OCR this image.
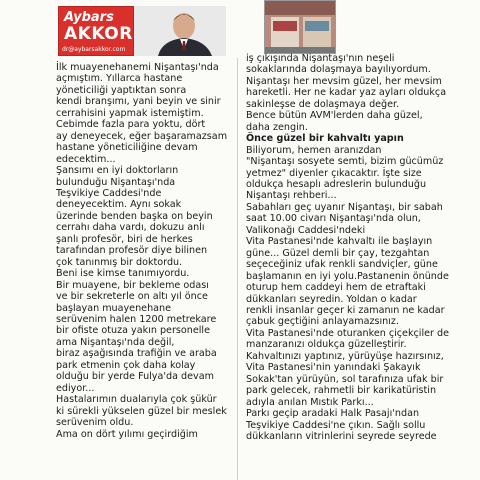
Aybars
AKKOR
dr@aybarsakkor.com

İlk muayenehanemi Nişantaşı'nda

açmıştım. Yıllarca hastane

yöneticiliği yaptıktan sonra

kendi branşımı, yani beyin ve sinir

cerrahisini yapmak istemiştim.

Cebimde fazla para yoktu, dört

ay deneyecek, eğer başaramazsam

hastane yöneticiliğine devam

edecektim...

Şansımı en iyi doktorların

bulunduğu Nişantaşı'nda

Teşvikiye Caddesi'nde

deneyecektim. Aynı sokak

üzerinde benden başka on beyin

cerrahı daha vardı, dokuzu anlı

şanlı profesör, biri de herkes

tarafından profesör diye bilinen

çok tanınmış bir doktordu.

Beni ise kimse tanımıyordu.

Bir muayene, bir bekleme odası

ve bir sekreterle on altı yıl önce

başlayan muayenehane

serüvenim halen 1200 metrekare

bir ofiste otuza yakın personelle

ama Nişantaşı'nda değil,

biraz aşağısında trafiğin ve araba

park etmenin çok daha kolay

olduğu bir yerde Fulya'da devam

ediyor...

Hastalarımın dualarıyla çok şükür

ki sürekli yükselen güzel bir meslek

serüvenim oldu.

Ama on dört yılımı geçirdiğim

iş çıkışında Nişantaşı'nın neşeli

sokaklarında dolaşmaya bayılıyordum.

Nişantaşı her mevsim güzel, her mevsim

hareketli. Her ne kadar yaz ayları oldukça

sakinleşse de dolaşmaya değer.

Bence bütün AVM'lerden daha güzel,

daha zengin.

Önce güzel bir kahvaltı yapın

Biliyorum, hemen aranızdan

"Nişantaşı sosyete semti, bizim gücümüz

yetmez" diyenler çıkacaktır. İşte size

oldukça hesaplı adreslerin bulunduğu

Nişantaşı rehberi...

Sabahları geç uyanır Nişantaşı, bir sabah

saat 10.00 civarı Nişantaşı'nda olun,

Valikonağı Caddesi'ndeki

Vita Pastanesi'nde kahvaltı ile başlayın

güne... Güzel demli bir çay, tezgahtan

seçeceğiniz ufak renkli sandviçler, güne

başlamanın en iyi yolu.Pastanenin önünde

oturup hem caddeyi hem de etraftaki

dükkanları seyredin. Yoldan o kadar

renkli insanlar geçer ki zamanın ne kadar

çabuk geçtiğini anlayamazsınız.

Vita Pastanesi'nde oturanken çiçekçiler de

manzaranızı oldukça güzelleştirir.

Kahvaltınızı yaptınız, yürüyüşe hazırsınız,

Vita Pastanesi'nin yanındaki Şakayık

Sokak'tan yürüyün, sol tarafınıza ufak bir

park gelecek, rahmetli bir karikatüristin

adıyla anılan Mıstık Parkı...

Parkı geçip aradaki Halk Pasajı'ndan

Teşvikiye Caddesi'ne çıkın. Sağlı sollu

dükkanların vitrinlerini seyrede seyrede
